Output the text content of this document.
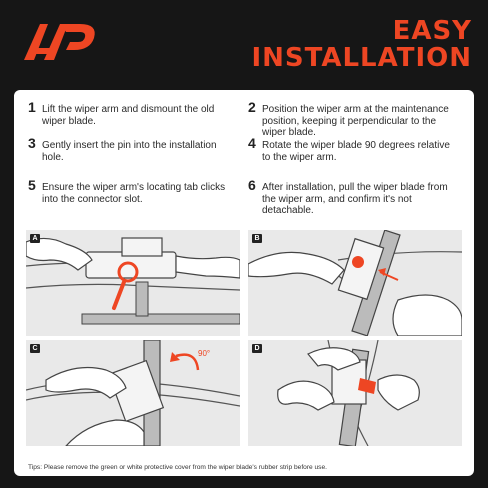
EASY
INSTALLATION
1 Lift the wiper arm and dismount the old wiper blade.
2 Position the wiper arm at the maintenance position, keeping it perpendicular to the wiper blade.
3 Gently insert the pin into the installation hole.
4 Rotate the wiper blade 90 degrees relative to the wiper arm.
5 Ensure the wiper arm's locating tab clicks into the connector slot.
6 After installation, pull the wiper blade from the wiper arm, and confirm it's not detachable.
A	B
90°
C	D
Tips: Please remove the green or white protective cover from the wiper blade's rubber strip before use.
